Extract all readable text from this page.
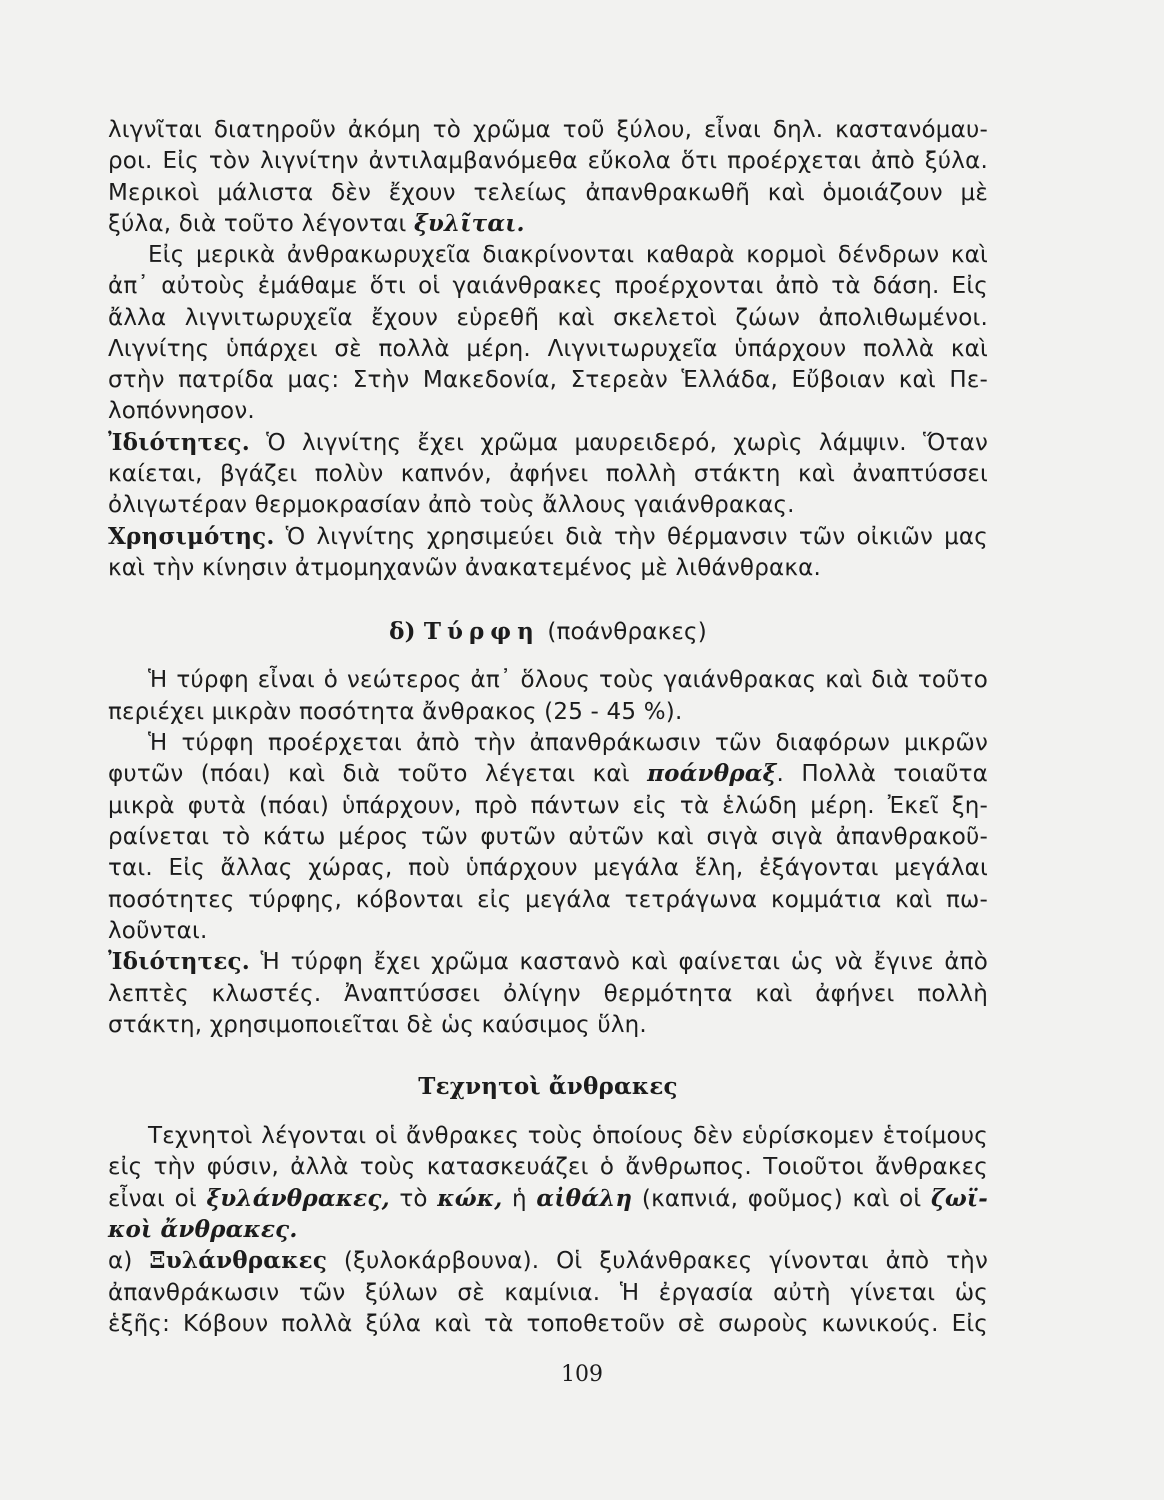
λιγνῖται διατηροῦν ἀκόμη τὸ χρῶμα τοῦ ξύλου, εἶναι δηλ. καστανόμαυ-
ροι. Εἰς τὸν λιγνίτην ἀντιλαμβανόμεθα εὔκολα ὅτι προέρχεται ἀπὸ ξύλα.
Μερικοὶ μάλιστα δὲν ἔχουν τελείως ἀπανθρακωθῆ καὶ ὁμοιάζουν μὲ
ξύλα, διὰ τοῦτο λέγονται ξυλῖται.
Εἰς μερικὰ ἀνθρακωρυχεῖα διακρίνονται καθαρὰ κορμοὶ δένδρων καὶ
ἀπ᾽ αὐτοὺς ἐμάθαμε ὅτι οἱ γαιάνθρακες προέρχονται ἀπὸ τὰ δάση. Εἰς
ἄλλα λιγνιτωρυχεῖα ἔχουν εὑρεθῆ καὶ σκελετοὶ ζώων ἀπολιθωμένοι.
Λιγνίτης ὑπάρχει σὲ πολλὰ μέρη. Λιγνιτωρυχεῖα ὑπάρχουν πολλὰ καὶ
στὴν πατρίδα μας: Στὴν Μακεδονία, Στερεὰν Ἑλλάδα, Εὔβοιαν καὶ Πε-
λοπόννησον.
Ἰδιότητες. Ὁ λιγνίτης ἔχει χρῶμα μαυρειδερό, χωρὶς λάμψιν. Ὅταν
καίεται, βγάζει πολὺν καπνόν, ἀφήνει πολλὴ στάκτη καὶ ἀναπτύσσει
ὀλιγωτέραν θερμοκρασίαν ἀπὸ τοὺς ἄλλους γαιάνθρακας.
Χρησιμότης. Ὁ λιγνίτης χρησιμεύει διὰ τὴν θέρμανσιν τῶν οἰκιῶν μας
καὶ τὴν κίνησιν ἀτμομηχανῶν ἀνακατεμένος μὲ λιθάνθρακα.
δ) Τύρφη (ποάνθρακες)
Ἡ τύρφη εἶναι ὁ νεώτερος ἀπ᾽ ὅλους τοὺς γαιάνθρακας καὶ διὰ τοῦτο
περιέχει μικρὰν ποσότητα ἄνθρακος (25 - 45 %).
Ἡ τύρφη προέρχεται ἀπὸ τὴν ἀπανθράκωσιν τῶν διαφόρων μικρῶν
φυτῶν (πόαι) καὶ διὰ τοῦτο λέγεται καὶ ποάνθραξ. Πολλὰ τοιαῦτα
μικρὰ φυτὰ (πόαι) ὑπάρχουν, πρὸ πάντων εἰς τὰ ἑλώδη μέρη. Ἐκεῖ ξη-
ραίνεται τὸ κάτω μέρος τῶν φυτῶν αὐτῶν καὶ σιγὰ σιγὰ ἀπανθρακοῦ-
ται. Εἰς ἄλλας χώρας, ποὺ ὑπάρχουν μεγάλα ἕλη, ἐξάγονται μεγάλαι
ποσότητες τύρφης, κόβονται εἰς μεγάλα τετράγωνα κομμάτια καὶ πω-
λοῦνται.
Ἰδιότητες. Ἡ τύρφη ἔχει χρῶμα καστανὸ καὶ φαίνεται ὡς νὰ ἔγινε ἀπὸ
λεπτὲς κλωστές. Ἀναπτύσσει ὀλίγην θερμότητα καὶ ἀφήνει πολλὴ
στάκτη, χρησιμοποιεῖται δὲ ὡς καύσιμος ὕλη.
Τεχνητοὶ ἄνθρακες
Τεχνητοὶ λέγονται οἱ ἄνθρακες τοὺς ὁποίους δὲν εὑρίσκομεν ἑτοίμους
εἰς τὴν φύσιν, ἀλλὰ τοὺς κατασκευάζει ὁ ἄνθρωπος. Τοιοῦτοι ἄνθρακες
εἶναι οἱ ξυλάνθρακες, τὸ κώκ, ἡ αἰθάλη (καπνιά, φοῦμος) καὶ οἱ ζωϊ-
κοὶ ἄνθρακες.
α) Ξυλάνθρακες (ξυλοκάρβουνα). Οἱ ξυλάνθρακες γίνονται ἀπὸ τὴν
ἀπανθράκωσιν τῶν ξύλων σὲ καμίνια. Ἡ ἐργασία αὐτὴ γίνεται ὡς
ἑξῆς: Κόβουν πολλὰ ξύλα καὶ τὰ τοποθετοῦν σὲ σωροὺς κωνικούς. Εἰς
109
